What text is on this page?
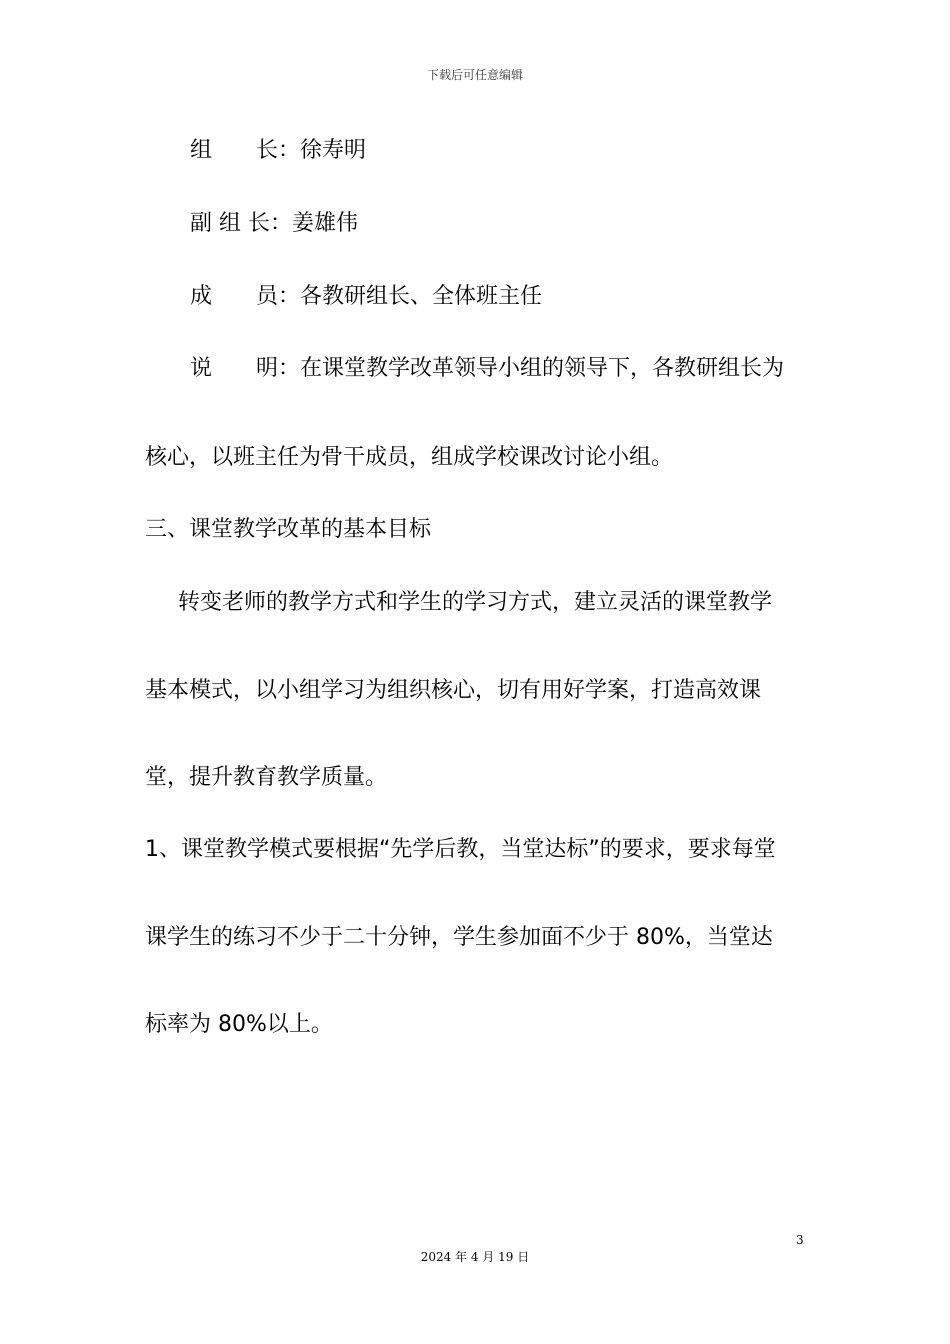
下载后可任意编辑
组　　长：徐寿明
副 组 长：姜雄伟
成　　员：各教研组长、全体班主任
说　　明：在课堂教学改革领导小组的领导下，各教研组长为
核心，以班主任为骨干成员，组成学校课改讨论小组。
三、课堂教学改革的基本目标
转变老师的教学方式和学生的学习方式，建立灵活的课堂教学
基本模式，以小组学习为组织核心，切有用好学案，打造高效课
堂，提升教育教学质量。
1、课堂教学模式要根据“先学后教，当堂达标”的要求，要求每堂
课学生的练习不少于二十分钟，学生参加面不少于 80%，当堂达
标率为 80%以上。
3
2024 年 4 月 19 日
